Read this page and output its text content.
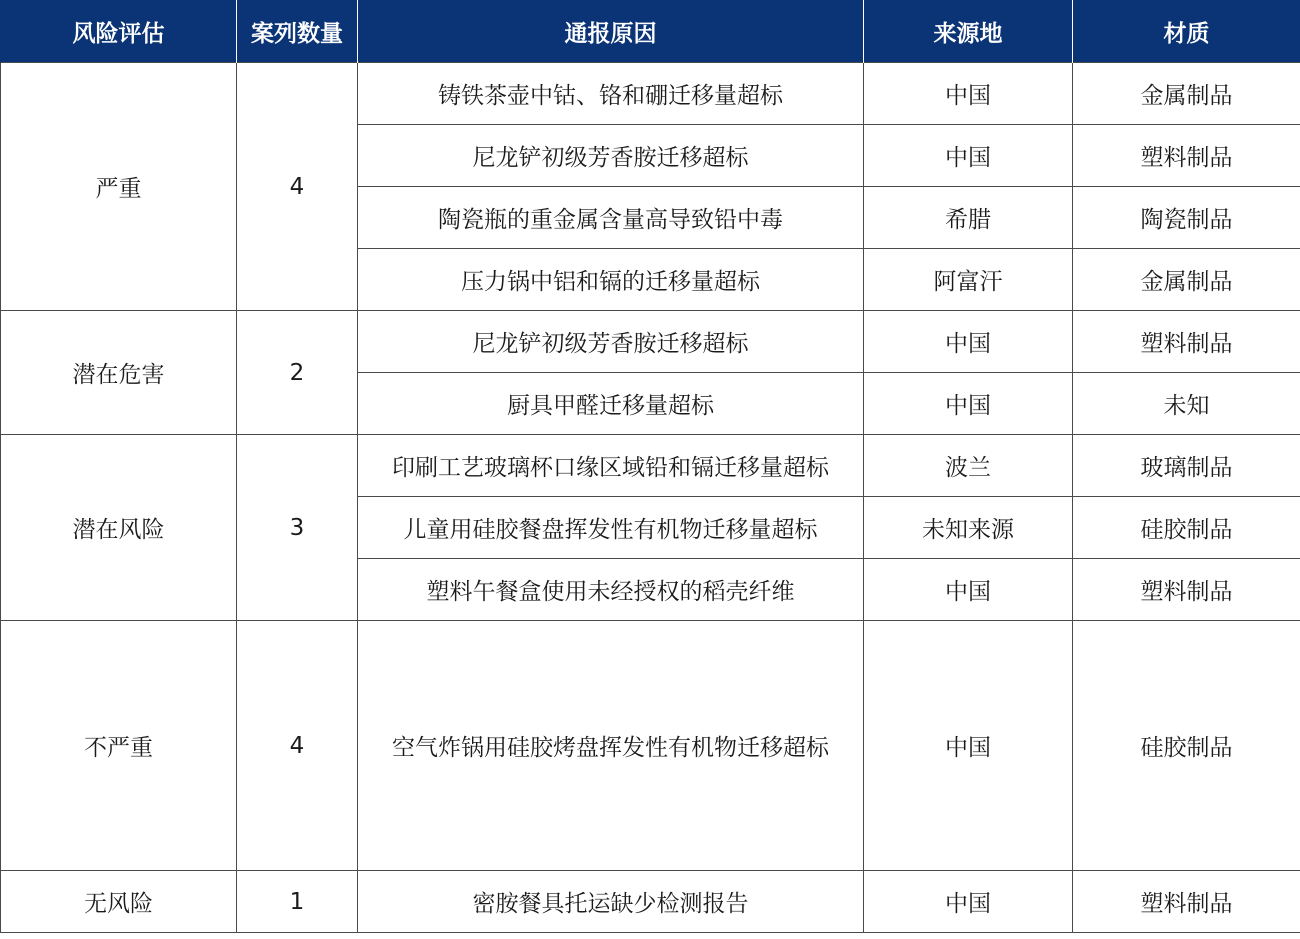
风险评估	案列数量	通报原因	来源地	材质
严重	4	铸铁茶壶中钴、铬和硼迁移量超标	中国	金属制品
		尼龙铲初级芳香胺迁移超标	中国	塑料制品
		陶瓷瓶的重金属含量高导致铅中毒	希腊	陶瓷制品
		压力锅中铝和镉的迁移量超标	阿富汗	金属制品
潜在危害	2	尼龙铲初级芳香胺迁移超标	中国	塑料制品
		厨具甲醛迁移量超标	中国	未知
潜在风险	3	印刷工艺玻璃杯口缘区域铅和镉迁移量超标	波兰	玻璃制品
		儿童用硅胶餐盘挥发性有机物迁移量超标	未知来源	硅胶制品
		塑料午餐盒使用未经授权的稻壳纤维	中国	塑料制品
不严重	4	空气炸锅用硅胶烤盘挥发性有机物迁移超标	中国	硅胶制品
无风险	1	密胺餐具托运缺少检测报告	中国	塑料制品
